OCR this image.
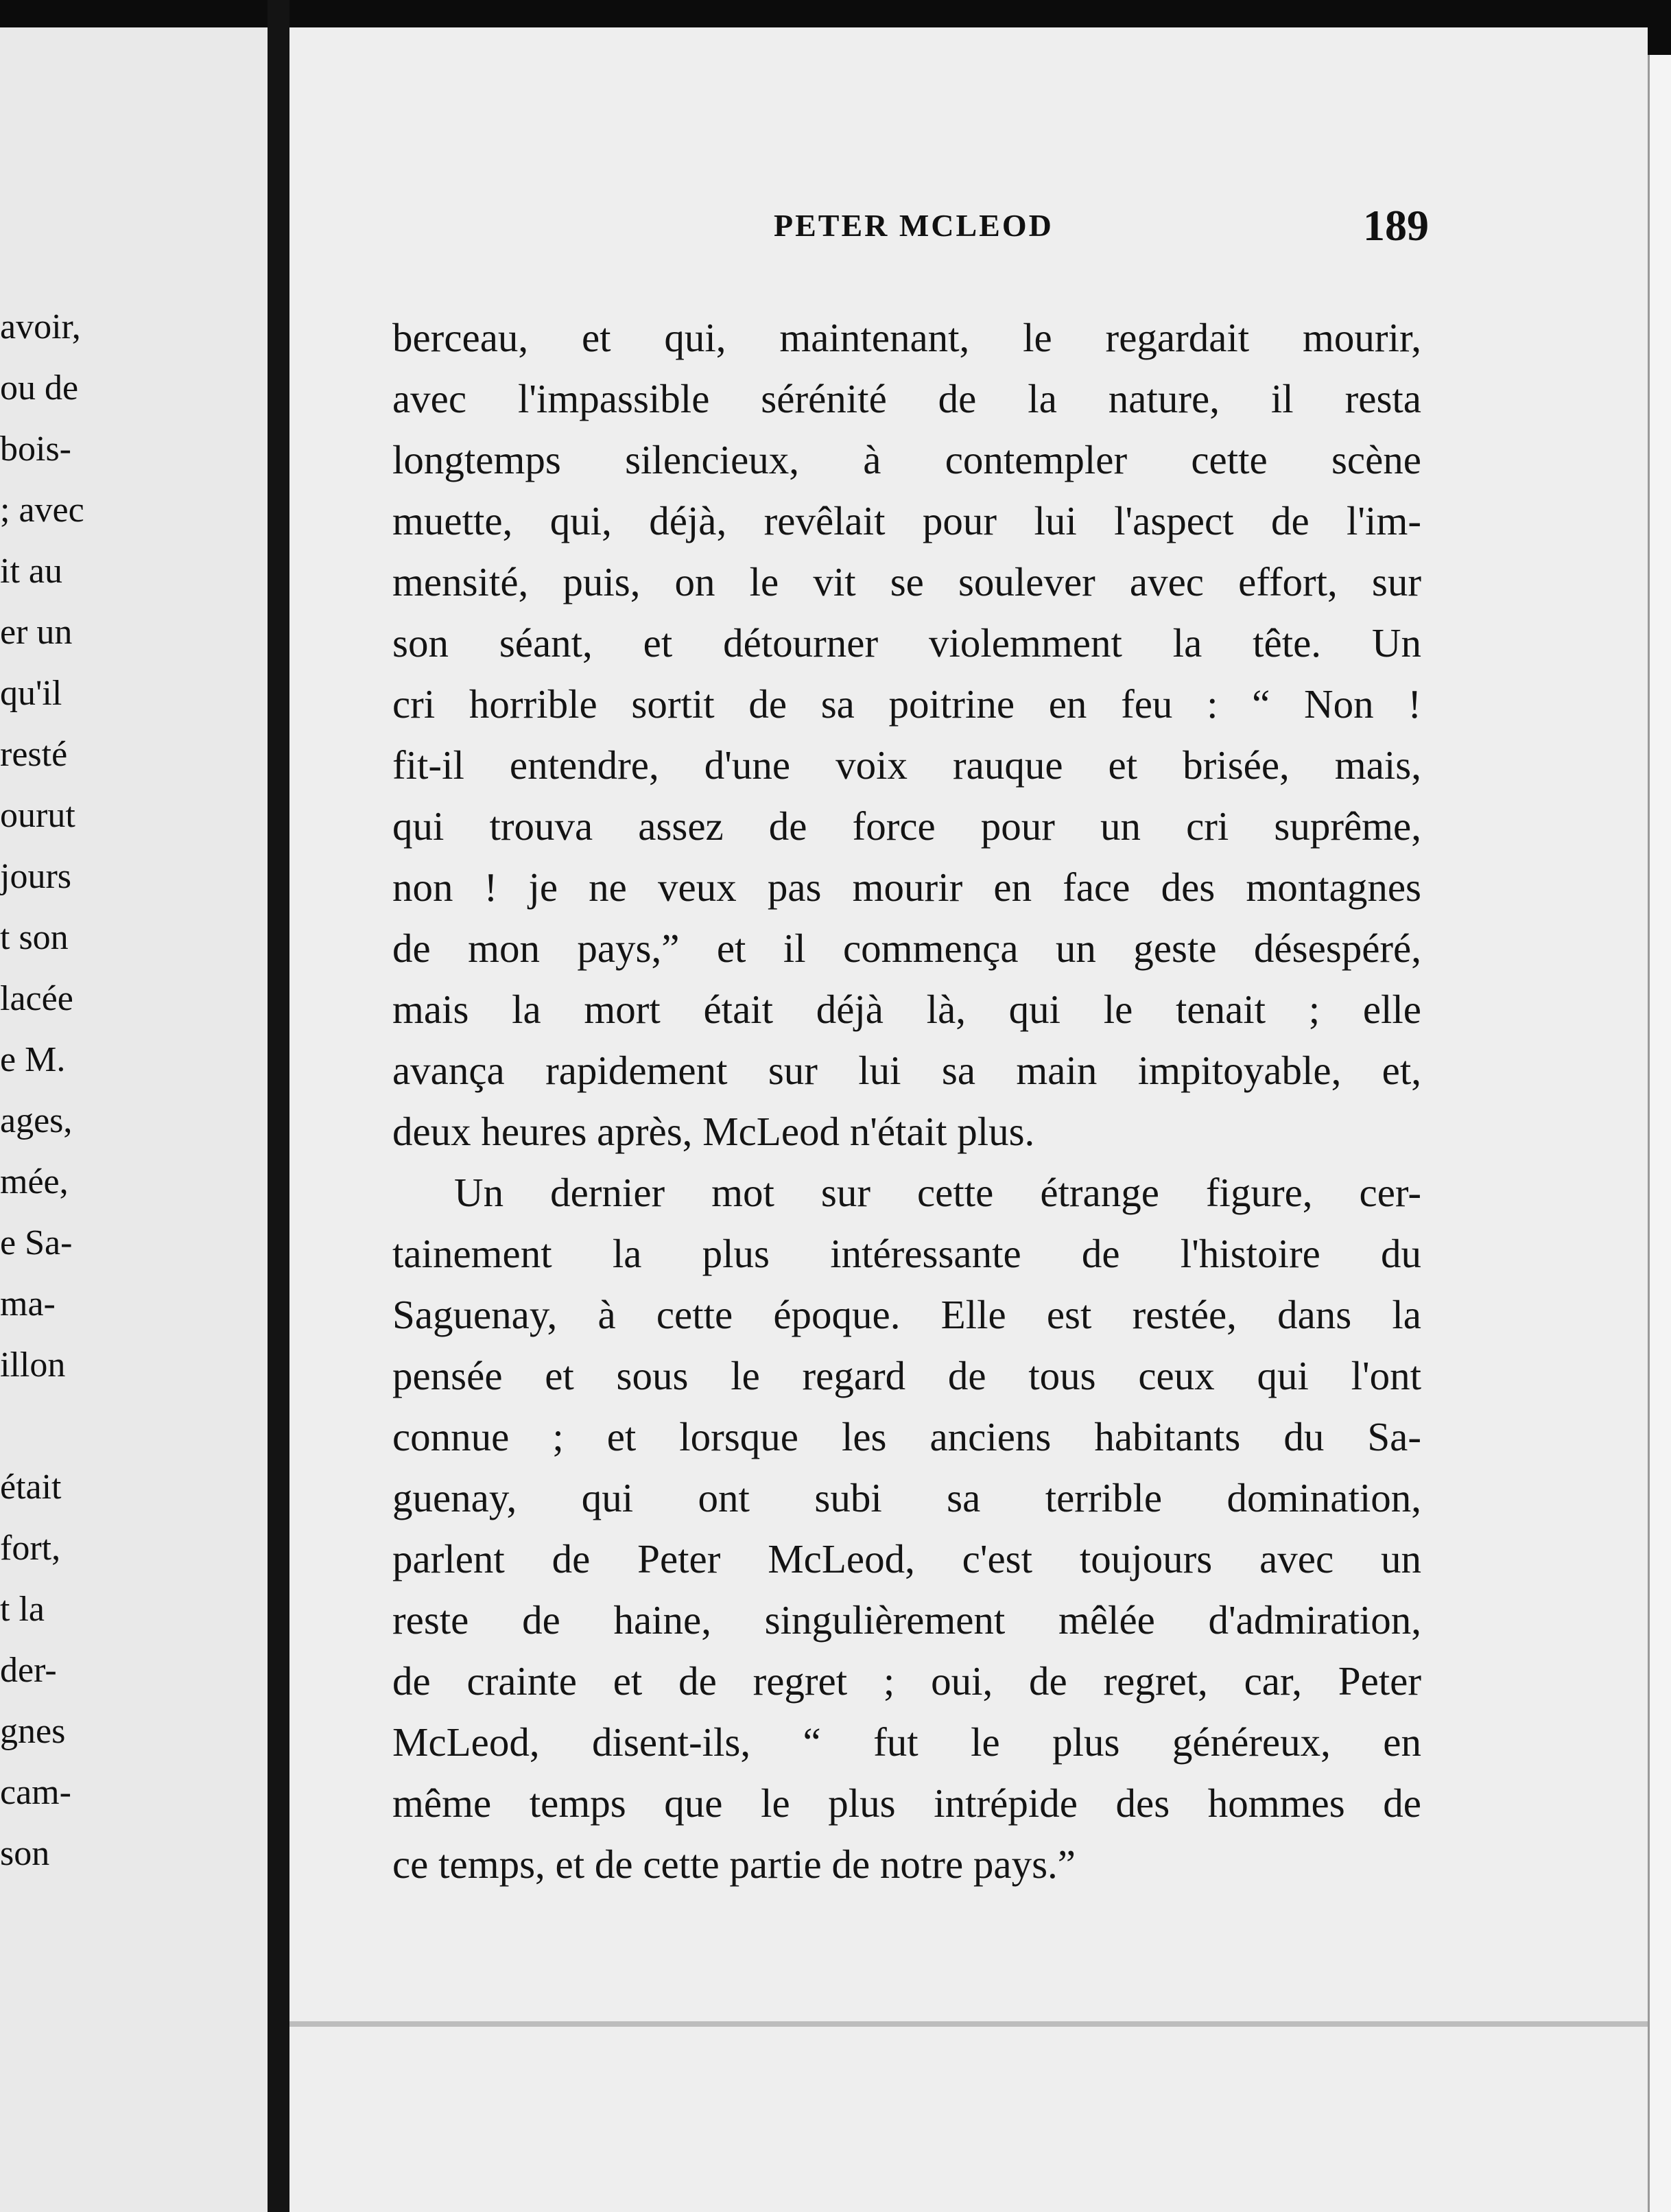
avoir,
ou de
bois-
; avec
it au
er un
qu'il
resté
ourut
jours
t son
lacée
e M.
ages,
mée,
e Sa-
ma-
illon
était
fort,
t la
der-
gnes
cam-
son
PETER MCLEOD	189
berceau, et qui, maintenant, le regardait mourir,
avec l'impassible sérénité de la nature, il resta
longtemps silencieux, à contempler cette scène
muette, qui, déjà, revêlait pour lui l'aspect de l'im-
mensité, puis, on le vit se soulever avec effort, sur
son séant, et détourner violemment la tête. Un
cri horrible sortit de sa poitrine en feu : “ Non !
fit-il entendre, d'une voix rauque et brisée, mais,
qui trouva assez de force pour un cri suprême,
non ! je ne veux pas mourir en face des montagnes
de mon pays,” et il commença un geste désespéré,
mais la mort était déjà là, qui le tenait ; elle
avança rapidement sur lui sa main impitoyable, et,
deux heures après, McLeod n'était plus.
Un dernier mot sur cette étrange figure, cer-
tainement la plus intéressante de l'histoire du
Saguenay, à cette époque. Elle est restée, dans la
pensée et sous le regard de tous ceux qui l'ont
connue ; et lorsque les anciens habitants du Sa-
guenay, qui ont subi sa terrible domination,
parlent de Peter McLeod, c'est toujours avec un
reste de haine, singulièrement mêlée d'admiration,
de crainte et de regret ; oui, de regret, car, Peter
McLeod, disent-ils, “ fut le plus généreux, en
même temps que le plus intrépide des hommes de
ce temps, et de cette partie de notre pays.”
